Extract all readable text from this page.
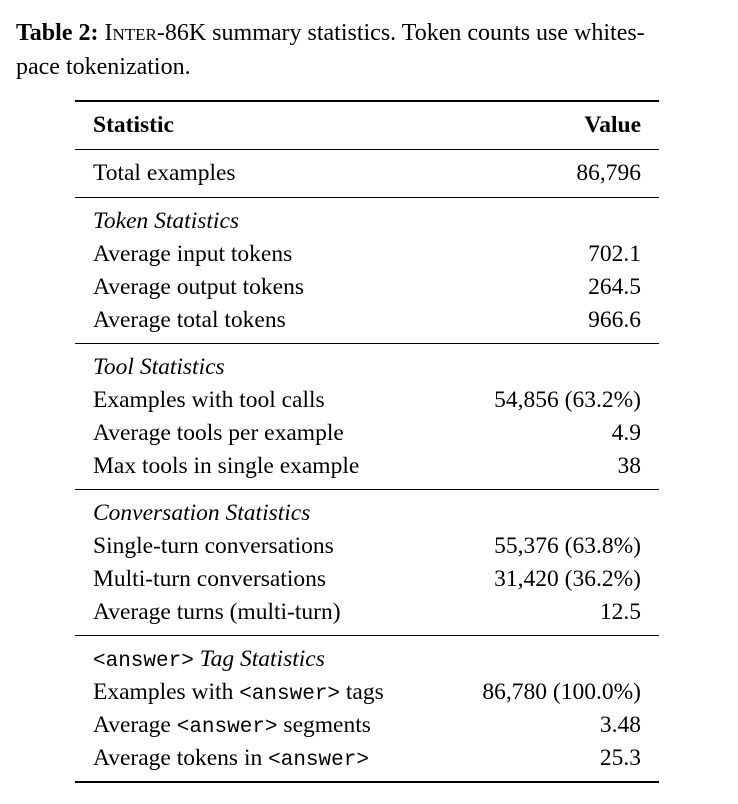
Table 2: Inter-86K summary statistics. Token counts use whites-
pace tokenization.
Statistic	Value
Total examples	86,796
Token Statistics
Average input tokens	702.1
Average output tokens	264.5
Average total tokens	966.6
Tool Statistics
Examples with tool calls	54,856 (63.2%)
Average tools per example	4.9
Max tools in single example	38
Conversation Statistics
Single-turn conversations	55,376 (63.8%)
Multi-turn conversations	31,420 (36.2%)
Average turns (multi-turn)	12.5
<answer> Tag Statistics
Examples with <answer> tags	86,780 (100.0%)
Average <answer> segments	3.48
Average tokens in <answer>	25.3
